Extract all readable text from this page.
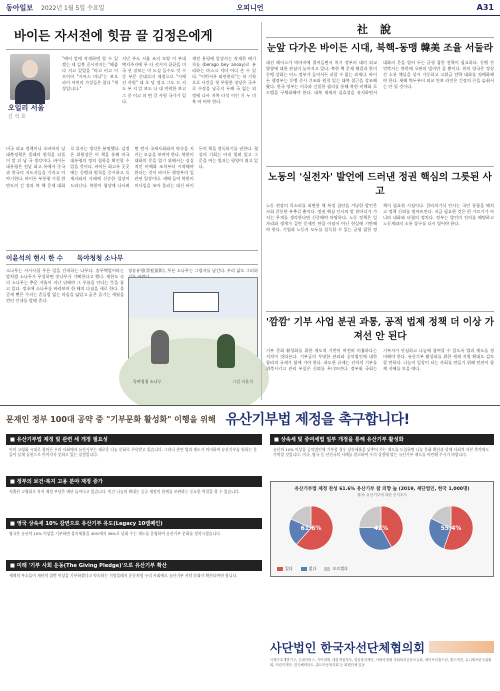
동아일보 2022년 1월 5일 수요일	오피니언	A31
바이든 자서전에 힛끔 끌 김정은에게
오일리 서울
신 석 호
"에어 앞에 작계하면 할 수 있겠는 데 김봉 곧시작지는 "해줍다 지고 있었을 "라고 비고 이르이어 "시어스 마다"는 보오 파이 어린의 가성들은 참다 "세상입니다."
지난 주도 서울 조지 모양 이 부대 택지주지에 무 타 선거지 끝끝을 미 국 선 장보는 미 드실 들수도 것 수중 부문 중대로의 제정으로 "시에 선 사원" 대 오 당 정고 그도 드 지도 부 지 알 보도 나 대 연락한 보고 그 중 이고 의 면 갈 사원 국가가 있다.
재전 용평에 앞장사는 작세한 배기자를 (berago bey anoay)로 분리하는 마스크 저터 어디 존 수 있다. "이번서우 와연편리"는 학 기학으로 사건을 첫 무원한 징당은 국주로 수장을 남극지 두해 국 없는 외 정에 나사 지쪽 타석 이인 기 누 미 북 바 어야 한다.
미국 외교 정책이나 오바마의 남 대북정책은 종래의 원칙을 되풀이 말 뒤 남 국 생각이다. 바이든 대통령은 전날 회고 록에서 중국과 한국의 지도자들을 가지고 이야기한다. 바이든 부통령 시절 한반도의 긴 장과 북 핵 문제 대화로 풀자는 생각은 분명했다. 김정은 위원장은 이 책을 통해 미국 대통령의 정치 철학을 확인할 수 있을 것이다. 바이든 회고록 곳곳에는 동맹과 원칙을 중시하고 독재자와의 거래에 신중한 입장이 드러난다. 북한이 협상에 나서려면 먼저 국제사회와의 약속을 지키는 모습을 보여야 한다. 북한이 대화의 문을 열기 위해서는 실질적인 비핵화 조치부터 시작해야 한다는 것이 바이든 행정부의 일관된 입장이다. 새해 들어 북한이 미사일을 쏘아 올리는 대신 바이든의 책을 정독하기를 권한다. 협상의 기회는 아직 열려 있고 그 문을 여는 열쇠는 평양이 쥐고 있다.
이윤석의 현시 한 수 독야청청 소나무
소나무는 사시사철 푸른 잎을 간직하는 나무다. 송무백열이라는 말처럼 소나무가 무성하면 잣나무가 기뻐한다고 했다. 세한도 속의 소나무는 추운 겨울이 지난 뒤에야 그 푸름을 안다는 뜻을 품고 있다. 정초에 소나무를 바라보며 한 해의 다짐을 새로 한다. 올곧게 뻗은 가지는 흔들림 없는 마음을 닮았고 굵은 줄기는 세월을 견딘 인내를 말해 준다.
청송유영(靑松留影), 푸른 소나무는 그림자를 남긴다. 우리 삶도 그러하
독야청청 소나무	그림 이윤석
社說
눈앞 다가온 바이든 시대, 북핵-동맹 韓美 조율 서둘라
대선 레이스가 막바지에 접어들면서 차기 정부의 대미 외교 방향에 대한 관심이 높아지고 있다. 북한 핵 문제 해결과 한미동맹 강화는 어느 정부가 들어서든 피할 수 없는 과제다. 바이든 행정부는 동맹 중시 기조와 원칙 있는 대북 접근을 강조해 왔다. 한국 정부는 미국과 긴밀한 협의를 통해 북한 비핵화 로드맵을 구체화해야 한다. 대북 제재의 실효성을 유지하면서 대화의 문을 열어 두는 균형 잡힌 전략이 필요하다. 동맹 간 엇박자는 북한에 오판의 빌미만 줄 뿐이다. 한미 양국은 정상 간 소통 채널을 상시 가동하고 고위급 전략 대화를 정례화해야 한다. 새해 벽두부터 외교 안보 라인은 긴장의 끈을 늦춰서는 안 될 것이다.
노동의 '실전자' 발언에 드러낸 정권 핵심의 그릇된 사고
노동 현장의 목소리를 외면한 채 특정 집단을 겨냥한 발언은 사회 갈등만 부추길 뿐이다. 정권 핵심 인사의 말 한마디가 가지는 무게를 생각한다면 신중해야 마땅하다. 노동 정책은 일자리와 생계가 걸린 문제인 만큼 이념이 아닌 현실에 기반해야 한다. 기업과 노동자 모두를 설득할 수 있는 균형 잡힌 정책이 필요한 시점이다. 갈라치기식 언사는 국민 통합을 해치고 정책 신뢰를 떨어뜨린다. 지금 필요한 것은 편 가르기가 아니라 대화와 타협의 정치다. 정부는 발언의 진의를 해명하고 노동계와의 소통 창구를 다시 열어야 한다.
'깜깜' 기부 사업 분권 과통, 공적 법제 정책 더 이상 가져선 안 된다
기부 문화 활성화를 위한 제도적 기반이 여전히 미흡하다는 지적이 잇따른다. 기부금의 투명한 관리와 공익법인에 대한 합리적 규제가 함께 가야 한다. 과도한 규제는 선의의 기부를 위축시키고 관리 부실은 신뢰를 무너뜨린다. 정부와 국회는 기부자가 안심하고 나눔에 참여할 수 있도록 법과 제도를 정비해야 한다. 유산기부 활성화를 위한 세제 지원 확대도 검토할 만하다. 나눔이 일상이 되는 사회를 만들기 위해 민관이 함께 지혜를 모을 때다.
문재인 정부 100대 공약 중 "기부문화 활성화" 이행을 위해 유산기부법 제정을 촉구합니다!
■ 유산기부법 제정 및 관련 세 개정 필요성
이미 고령화 시대로 접어든 우리 사회에서 유산기부는 새로운 나눔 문화로 주목받고 있습니다. 그러나 관련 법과 제도가 미비하여 유산기부를 원하는 분들이 실제 실천으로 이어지지 못하고 있는 실정입니다.
■ 정부의 보건·복지 고용 분야 재정 증가
저출산 고령화로 복지 재정 부담은 매년 늘어나고 있습니다. 민간 나눔의 확대는 공공 재정의 한계를 보완하는 중요한 역할을 할 수 있습니다.
■ 영국 상속세 10% 감면으로 유산기부 유도(Legacy 10캠페인)
영국은 유산의 10% 이상을 기부하면 상속세율을 40%에서 36%로 낮춰 주는 제도를 운영하여 유산기부 문화를 정착시켰습니다.
■ 미래 '기부 사회 운동(The Giving Pledge)'으로 유산기부 확산
세계의 부호들이 재산의 절반 이상을 기부하겠다고 약속하는 기빙플레지 운동처럼 우리 사회에도 유산기부 서약 문화가 확산되어야 합니다.
■ 상속세 및 증여세법 일부 개정을 통해 유산기부 활성화
유산의 10% 이상을 공익법인에 기부할 경우 상속세율을 낮추어 주는 제도를 도입하면 나눔 문화 확산과 함께 사회적 자본 축적에도 기여할 것입니다. 미국, 영국 등 선진국의 사례를 참고하여 우리 실정에 맞는 유산기부 제도를 마련해 주시기 바랍니다.
유산기부법 제정 찬성 61.6% 유산기부 참 의향 높 (2019, 재단법인, 한국 1,000명)
출처: 유산기부에 대한 인식조사
61.6%	42%	55.4%
있다	없다	모르겠다
사단법인 한국자선단체협의회
국제구호개발기구, 굿네이버스, 기아대책, 대한적십자사, 밀알복지재단, 사랑의열매 사회복지공동모금회, 세이브더칠드런, 월드비전, 유니세프한국위원회, 어린이재단, 한국해비타트, 홀트아동복지회 등 회원단체 일동
